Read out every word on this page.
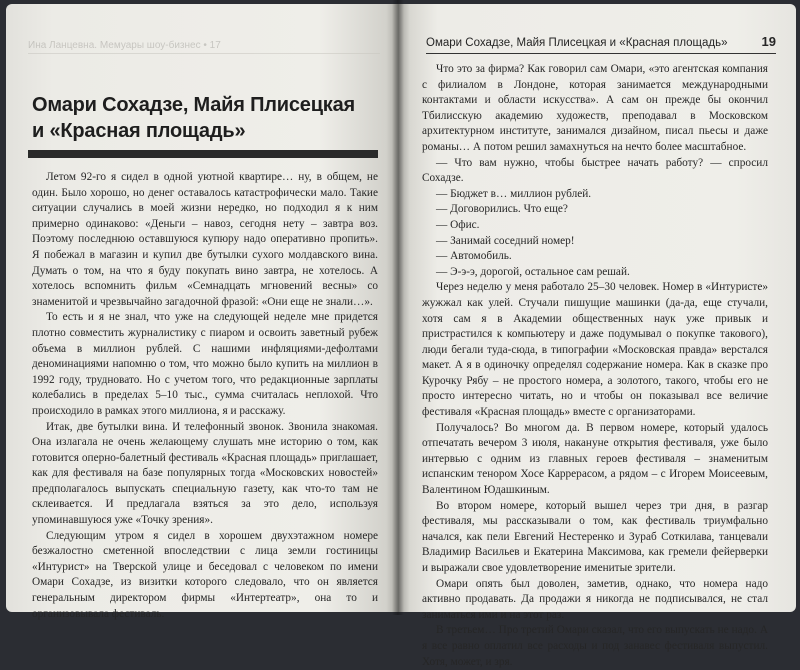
Ина Ланцевна. Мемуары шоу-бизнес • 17
Омари Сохадзе, Майя Плисецкая
и «Красная площадь»

Летом 92-го я сидел в одной уютной квартире… ну, в общем, не один. Было хорошо, но денег оставалось катастрофически мало. Такие ситуации случались в моей жизни нередко, но подходил я к ним примерно одинаково: «Деньги – навоз, сегодня нету – завтра воз. Поэтому последнюю оставшуюся купюру надо оперативно пропить». Я побежал в магазин и купил две бутылки сухого молдавского вина. Думать о том, на что я буду покупать вино завтра, не хотелось. А хотелось вспомнить фильм «Семнадцать мгновений весны» со знаменитой и чрезвычайно загадочной фразой: «Они еще не знали…».

То есть и я не знал, что уже на следующей неделе мне придется плотно совместить журналистику с пиаром и освоить заветный рубеж объема в миллион рублей. С нашими инфляциями-дефолтами деноминациями напомню о том, что можно было купить на миллион в 1992 году, трудновато. Но с учетом того, что редакционные зарплаты колебались в пределах 5–10 тыс., сумма считалась неплохой. Что происходило в рамках этого миллиона, я и расскажу.

Итак, две бутылки вина. И телефонный звонок. Звонила знакомая. Она излагала не очень желающему слушать мне историю о том, как готовится оперно-балетный фестиваль «Красная площадь» приглашает, как для фестиваля на базе популярных тогда «Московских новостей» предполагалось выпускать специальную газету, как что-то там не склеивается. И предлагала взяться за это дело, используя упоминавшуюся уже «Точку зрения».

Следующим утром я сидел в хорошем двухэтажном номере безжалостно сметенной впоследствии с лица земли гостиницы «Интурист» на Тверской улице и беседовал с человеком по имени Омари Сохадзе, из визитки которого следовало, что он является генеральным директором фирмы «Интертеатр», она то и организовывала фестиваль.

Омари Сохадзе, Майя Плисецкая и «Красная площадь»	19

Что это за фирма? Как говорил сам Омари, «это агентская компания с филиалом в Лондоне, которая занимается международными контактами и области искусства». А сам он прежде бы окончил Тбилисскую академию художеств, преподавал в Московском архитектурном институте, занимался дизайном, писал пьесы и даже романы… А потом решил замахнуться на нечто более масштабное.

— Что вам нужно, чтобы быстрее начать работу? — спросил Сохадзе.

— Бюджет в… миллион рублей.

— Договорились. Что еще?

— Офис.

— Занимай соседний номер!

— Автомобиль.

— Э-э-э, дорогой, остальное сам решай.

Через неделю у меня работало 25–30 человек. Номер в «Интуристе» жужжал как улей. Стучали пишущие машинки (да-да, еще стучали, хотя сам я в Академии общественных наук уже привык и пристрастился к компьютеру и даже подумывал о покупке такового), люди бегали туда-сюда, в типографии «Московская правда» верстался макет. А я в одиночку определял содержание номера. Как в сказке про Курочку Рябу – не простого номера, а золотого, такого, чтобы его не просто интересно читать, но и чтобы он показывал все величие фестиваля «Красная площадь» вместе с организаторами.

Получалось? Во многом да. В первом номере, который удалось отпечатать вечером 3 июля, накануне открытия фестиваля, уже было интервью с одним из главных героев фестиваля – знаменитым испанским тенором Хосе Каррерасом, а рядом – с Игорем Моисеевым, Валентином Юдашкиным.

Во втором номере, который вышел через три дня, в разгар фестиваля, мы рассказывали о том, как фестиваль триумфально начался, как пели Евгений Нестеренко и Зураб Соткилава, танцевали Владимир Васильев и Екатерина Максимова, как гремели фейерверки и выражали свое удовлетворение именитые зрители.

Омари опять был доволен, заметив, однако, что номера надо активно продавать. Да продажи я никогда не подписывался, не стал заниматься ими и на этот раз.

В третьем… Про третий Омари сказал, что его выпускать не надо. А я все равно оплатил все расходы и под занавес фестиваля выпустил. Хотя, может, и зря.
